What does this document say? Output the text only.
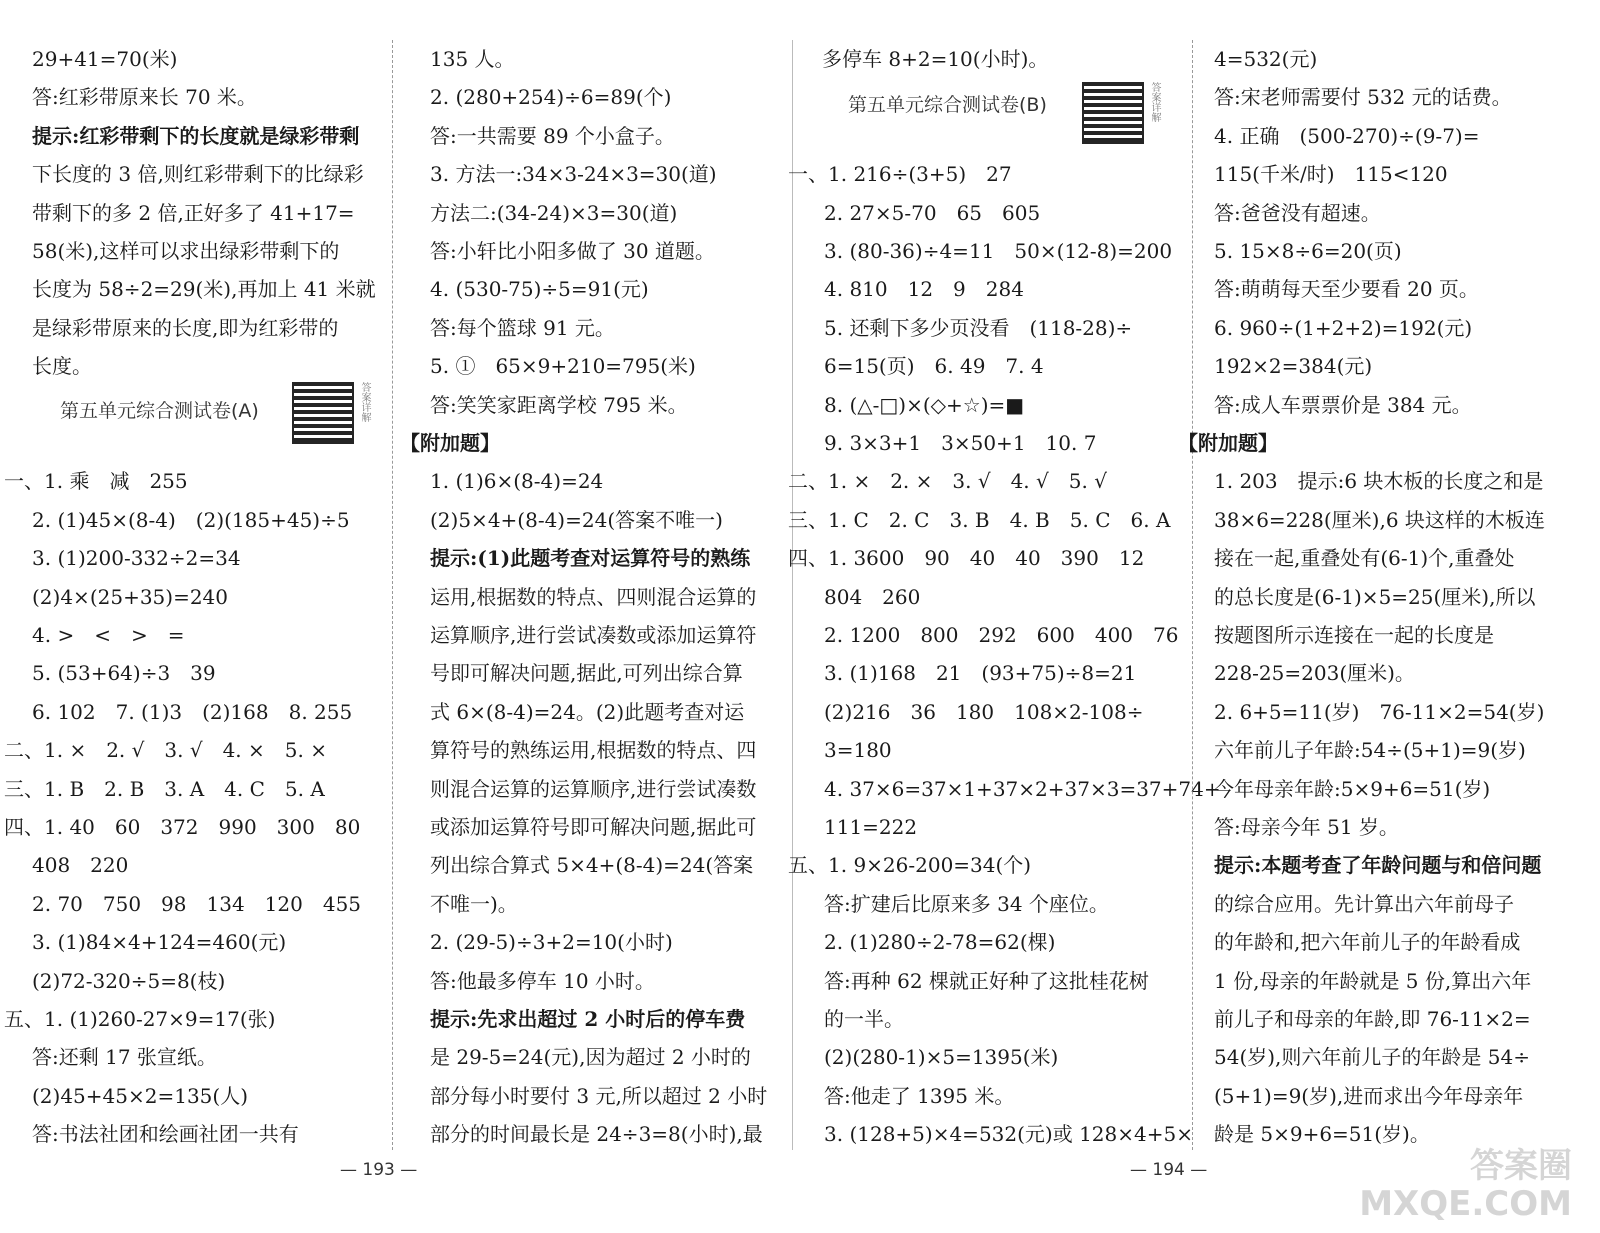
29+41=70(米)
答:红彩带原来长 70 米。
提示:红彩带剩下的长度就是绿彩带剩
下长度的 3 倍,则红彩带剩下的比绿彩
带剩下的多 2 倍,正好多了 41+17=
58(米),这样可以求出绿彩带剩下的
长度为 58÷2=29(米),再加上 41 米就
是绿彩带原来的长度,即为红彩带的
长度。
第五单元综合测试卷(A)	答案详解
一、1. 乘　减　255
2. (1)45×(8-4)　(2)(185+45)÷5
3. (1)200-332÷2=34
(2)4×(25+35)=240
4. >　<　>　=
5. (53+64)÷3　39
6. 102　7. (1)3　(2)168　8. 255
二、1. ×　2. √　3. √　4. ×　5. ×
三、1. B　2. B　3. A　4. C　5. A
四、1. 40　60　372　990　300　80
408　220
2. 70　750　98　134　120　455
3. (1)84×4+124=460(元)
(2)72-320÷5=8(枝)
五、1. (1)260-27×9=17(张)
答:还剩 17 张宣纸。
(2)45+45×2=135(人)
答:书法社团和绘画社团一共有
135 人。
2. (280+254)÷6=89(个)
答:一共需要 89 个小盒子。
3. 方法一:34×3-24×3=30(道)
方法二:(34-24)×3=30(道)
答:小轩比小阳多做了 30 道题。
4. (530-75)÷5=91(元)
答:每个篮球 91 元。
5. ①　65×9+210=795(米)
答:笑笑家距离学校 795 米。
【附加题】
1. (1)6×(8-4)=24
(2)5×4+(8-4)=24(答案不唯一)
提示:(1)此题考查对运算符号的熟练
运用,根据数的特点、四则混合运算的
运算顺序,进行尝试凑数或添加运算符
号即可解决问题,据此,可列出综合算
式 6×(8-4)=24。(2)此题考查对运
算符号的熟练运用,根据数的特点、四
则混合运算的运算顺序,进行尝试凑数
或添加运算符号即可解决问题,据此可
列出综合算式 5×4+(8-4)=24(答案
不唯一)。
2. (29-5)÷3+2=10(小时)
答:他最多停车 10 小时。
提示:先求出超过 2 小时后的停车费
是 29-5=24(元),因为超过 2 小时的
部分每小时要付 3 元,所以超过 2 小时
部分的时间最长是 24÷3=8(小时),最
— 193 —
多停车 8+2=10(小时)。
第五单元综合测试卷(B)	答案详解
一、1. 216÷(3+5)　27
2. 27×5-70　65　605
3. (80-36)÷4=11　50×(12-8)=200
4. 810　12　9　284
5. 还剩下多少页没看　(118-28)÷
6=15(页)　6. 49　7. 4
8. (△-□)×(◇+☆)=■
9. 3×3+1　3×50+1　10. 7
二、1. ×　2. ×　3. √　4. √　5. √
三、1. C　2. C　3. B　4. B　5. C　6. A
四、1. 3600　90　40　40　390　12
804　260
2. 1200　800　292　600　400　76
3. (1)168　21　(93+75)÷8=21
(2)216　36　180　108×2-108÷
3=180
4. 37×6=37×1+37×2+37×3=37+74+
111=222
五、1. 9×26-200=34(个)
答:扩建后比原来多 34 个座位。
2. (1)280÷2-78=62(棵)
答:再种 62 棵就正好种了这批桂花树
的一半。
(2)(280-1)×5=1395(米)
答:他走了 1395 米。
3. (128+5)×4=532(元)或 128×4+5×
4=532(元)
答:宋老师需要付 532 元的话费。
4. 正确　(500-270)÷(9-7)=
115(千米/时)　115<120
答:爸爸没有超速。
5. 15×8÷6=20(页)
答:萌萌每天至少要看 20 页。
6. 960÷(1+2+2)=192(元)
192×2=384(元)
答:成人车票票价是 384 元。
【附加题】
1. 203　提示:6 块木板的长度之和是
38×6=228(厘米),6 块这样的木板连
接在一起,重叠处有(6-1)个,重叠处
的总长度是(6-1)×5=25(厘米),所以
按题图所示连接在一起的长度是
228-25=203(厘米)。
2. 6+5=11(岁)　76-11×2=54(岁)
六年前儿子年龄:54÷(5+1)=9(岁)
今年母亲年龄:5×9+6=51(岁)
答:母亲今年 51 岁。
提示:本题考查了年龄问题与和倍问题
的综合应用。先计算出六年前母子
的年龄和,把六年前儿子的年龄看成
1 份,母亲的年龄就是 5 份,算出六年
前儿子和母亲的年龄,即 76-11×2=
54(岁),则六年前儿子的年龄是 54÷
(5+1)=9(岁),进而求出今年母亲年
龄是 5×9+6=51(岁)。
— 194 —	答案圈
MXQE.COM
